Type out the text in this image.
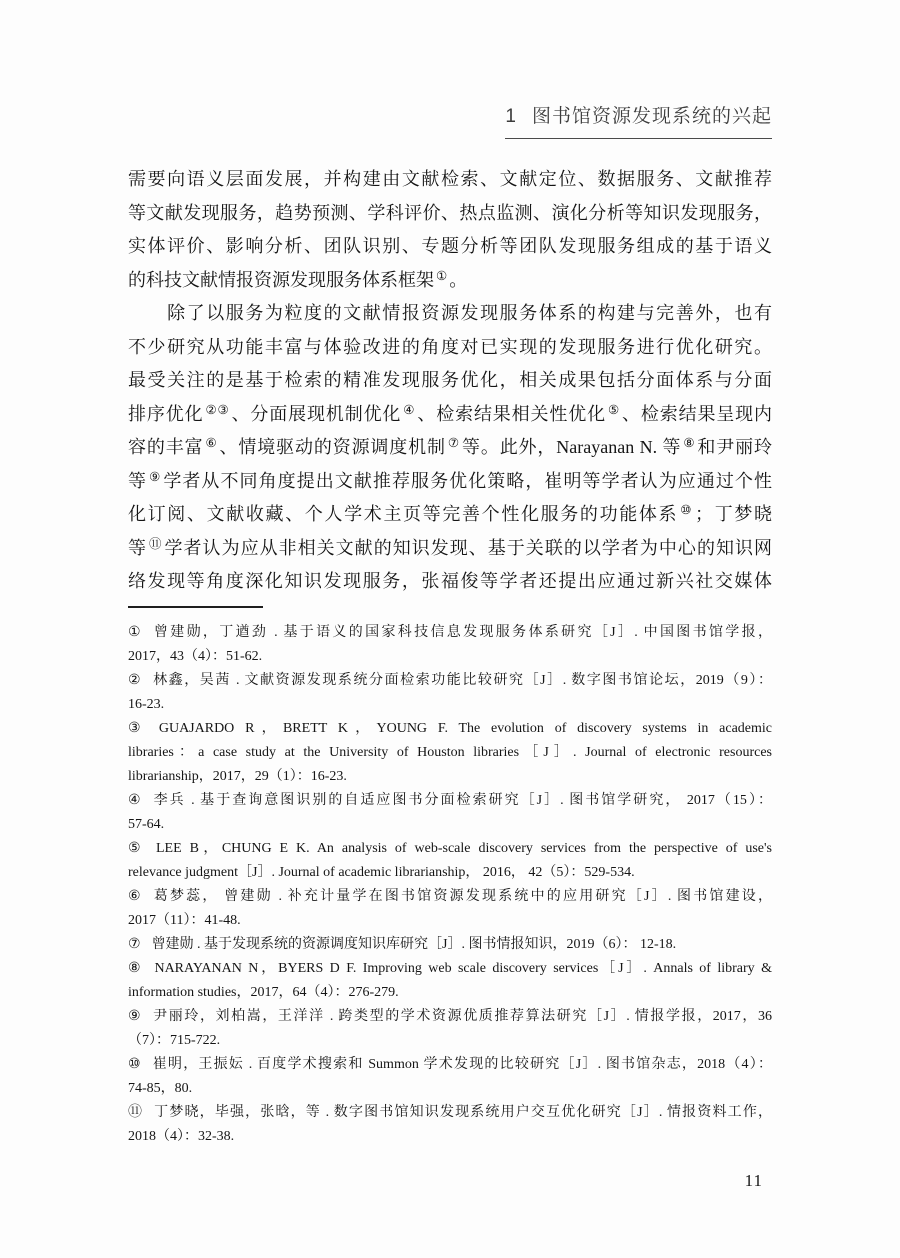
1 图书馆资源发现系统的兴起
需要向语义层面发展，并构建由文献检索、文献定位、数据服务、文献推荐
等文献发现服务，趋势预测、学科评价、热点监测、演化分析等知识发现服务，
实体评价、影响分析、团队识别、专题分析等团队发现服务组成的基于语义
的科技文献情报资源发现服务体系框架 ① 。
　　除了以服务为粒度的文献情报资源发现服务体系的构建与完善外，也有
不少研究从功能丰富与体验改进的角度对已实现的发现服务进行优化研究。
最受关注的是基于检索的精准发现服务优化，相关成果包括分面体系与分面
排序优化 ②③ 、分面展现机制优化 ④ 、检索结果相关性优化 ⑤ 、检索结果呈现内
容的丰富 ⑥ 、情境驱动的资源调度机制 ⑦ 等。此外，Narayanan N. 等 ⑧ 和尹丽玲
等 ⑨ 学者从不同角度提出文献推荐服务优化策略，崔明等学者认为应通过个性
化订阅、文献收藏、个人学术主页等完善个性化服务的功能体系 ⑩ ；丁梦晓
等 ⑪ 学者认为应从非相关文献的知识发现、基于关联的以学者为中心的知识网
络发现等角度深化知识发现服务，张福俊等学者还提出应通过新兴社交媒体
① 曾建勋，丁遒劲 . 基于语义的国家科技信息发现服务体系研究［J］. 中国图书馆学报，
2017，43（4）：51-62.
② 林鑫，吴茜 . 文献资源发现系统分面检索功能比较研究［J］. 数字图书馆论坛，2019（9）：
16-23.
③ GUAJARDO R，BRETT K，YOUNG F. The evolution of discovery systems in academic
libraries：a case study at the University of Houston libraries［J］. Journal of electronic resources
librarianship，2017，29（1）：16-23.
④ 李兵 . 基于查询意图识别的自适应图书分面检索研究［J］. 图书馆学研究， 2017（15）：
57-64.
⑤ LEE B，CHUNG E K. An analysis of web-scale discovery services from the perspective of use's
relevance judgment［J］. Journal of academic librarianship， 2016， 42（5）：529-534.
⑥ 葛梦蕊， 曾建勋 . 补充计量学在图书馆资源发现系统中的应用研究［J］. 图书馆建设，
2017（11）：41-48.
⑦ 曾建勋 . 基于发现系统的资源调度知识库研究［J］. 图书情报知识，2019（6）： 12-18.
⑧ NARAYANAN N，BYERS D F. Improving web scale discovery services［J］. Annals of library &
information studies，2017，64（4）：276-279.
⑨ 尹丽玲，刘柏嵩，王洋洋 . 跨类型的学术资源优质推荐算法研究［J］. 情报学报，2017，36
（7）：715-722.
⑩ 崔明，王振妘 . 百度学术搜索和 Summon 学术发现的比较研究［J］. 图书馆杂志，2018（4）：
74-85，80.
⑪ 丁梦晓，毕强，张晗，等 . 数字图书馆知识发现系统用户交互优化研究［J］. 情报资料工作，
2018（4）：32-38.
11
